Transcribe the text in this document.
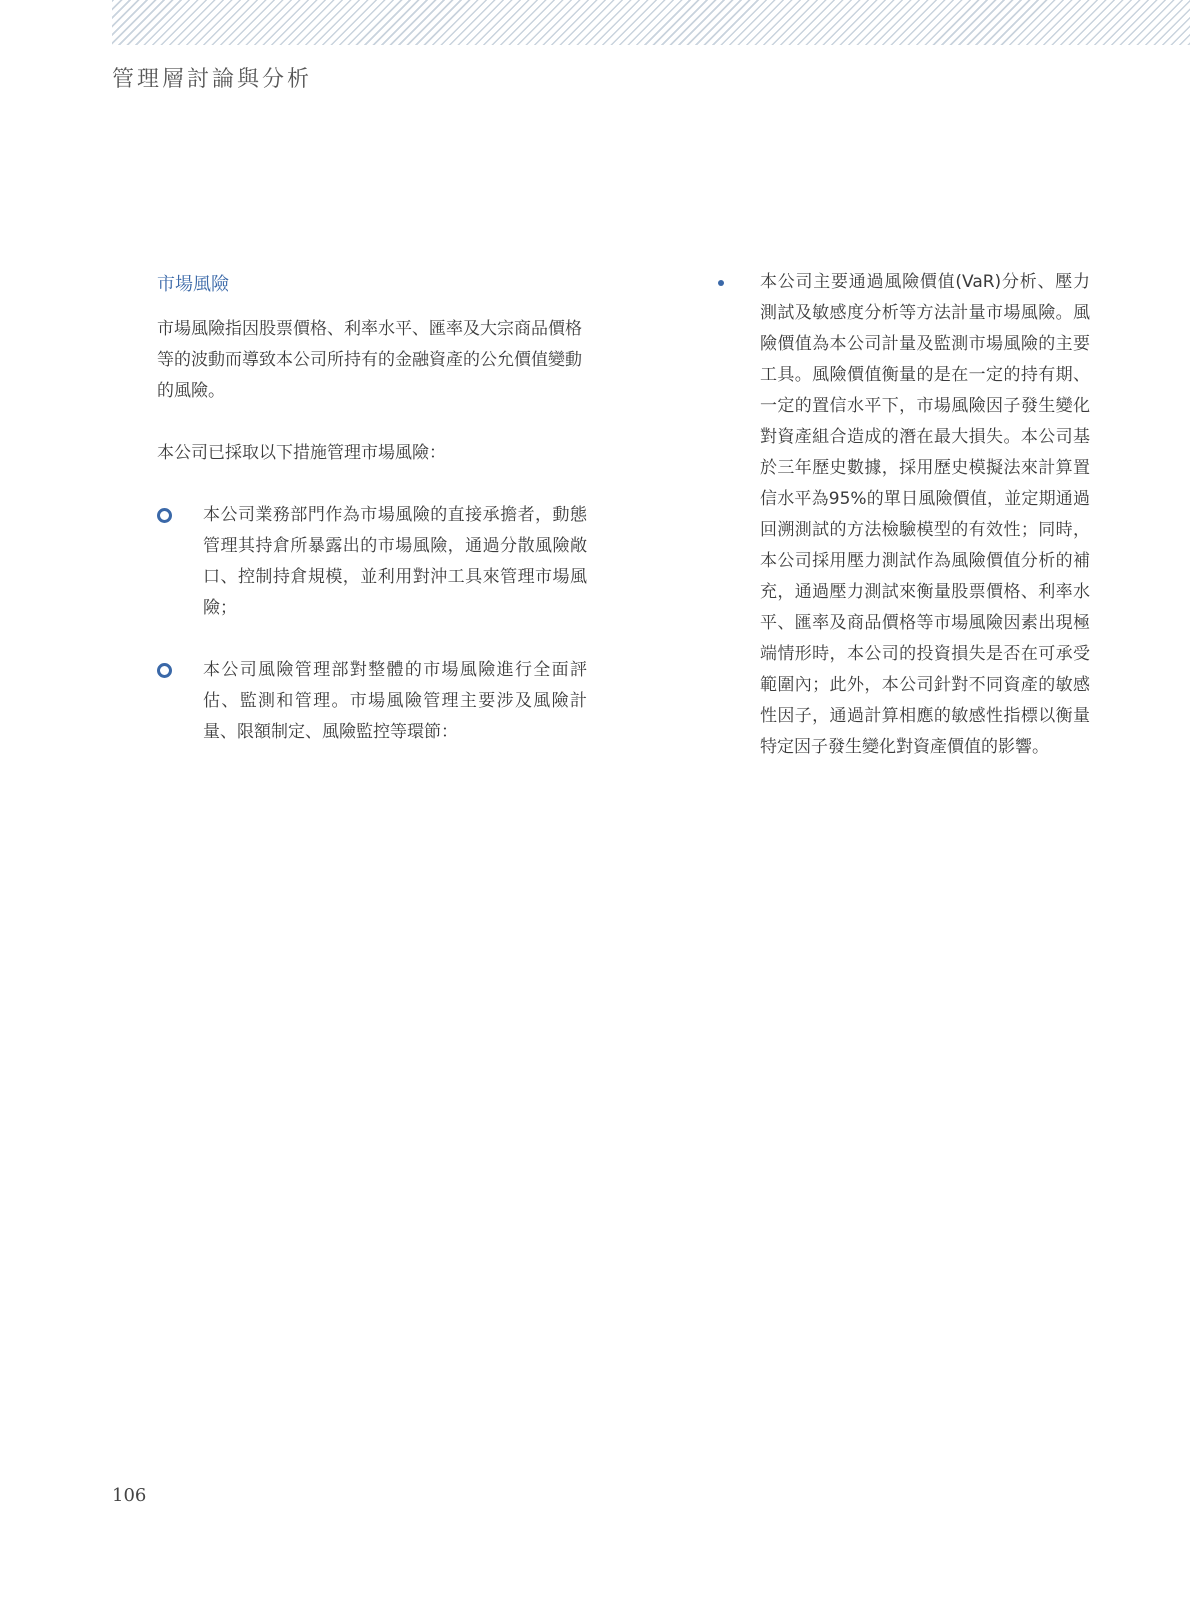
管理層討論與分析
市場風險

市場風險指因股票價格、利率水平、匯率及大宗商品價格等的波動而導致本公司所持有的金融資產的公允價值變動的風險。

本公司已採取以下措施管理市場風險：

本公司業務部門作為市場風險的直接承擔者，動態管理其持倉所暴露出的市場風險，通過分散風險敞口、控制持倉規模，並利用對沖工具來管理市場風險；
本公司風險管理部對整體的市場風險進行全面評估、監測和管理。市場風險管理主要涉及風險計量、限額制定、風險監控等環節：

本公司主要通過風險價值(VaR)分析、壓力測試及敏感度分析等方法計量市場風險。風險價值為本公司計量及監測市場風險的主要工具。風險價值衡量的是在一定的持有期、一定的置信水平下，市場風險因子發生變化對資產組合造成的潛在最大損失。本公司基於三年歷史數據，採用歷史模擬法來計算置信水平為95%的單日風險價值，並定期通過回溯測試的方法檢驗模型的有效性；同時，本公司採用壓力測試作為風險價值分析的補充，通過壓力測試來衡量股票價格、利率水平、匯率及商品價格等市場風險因素出現極端情形時，本公司的投資損失是否在可承受範圍內；此外，本公司針對不同資產的敏感性因子，通過計算相應的敏感性指標以衡量特定因子發生變化對資產價值的影響。

106
